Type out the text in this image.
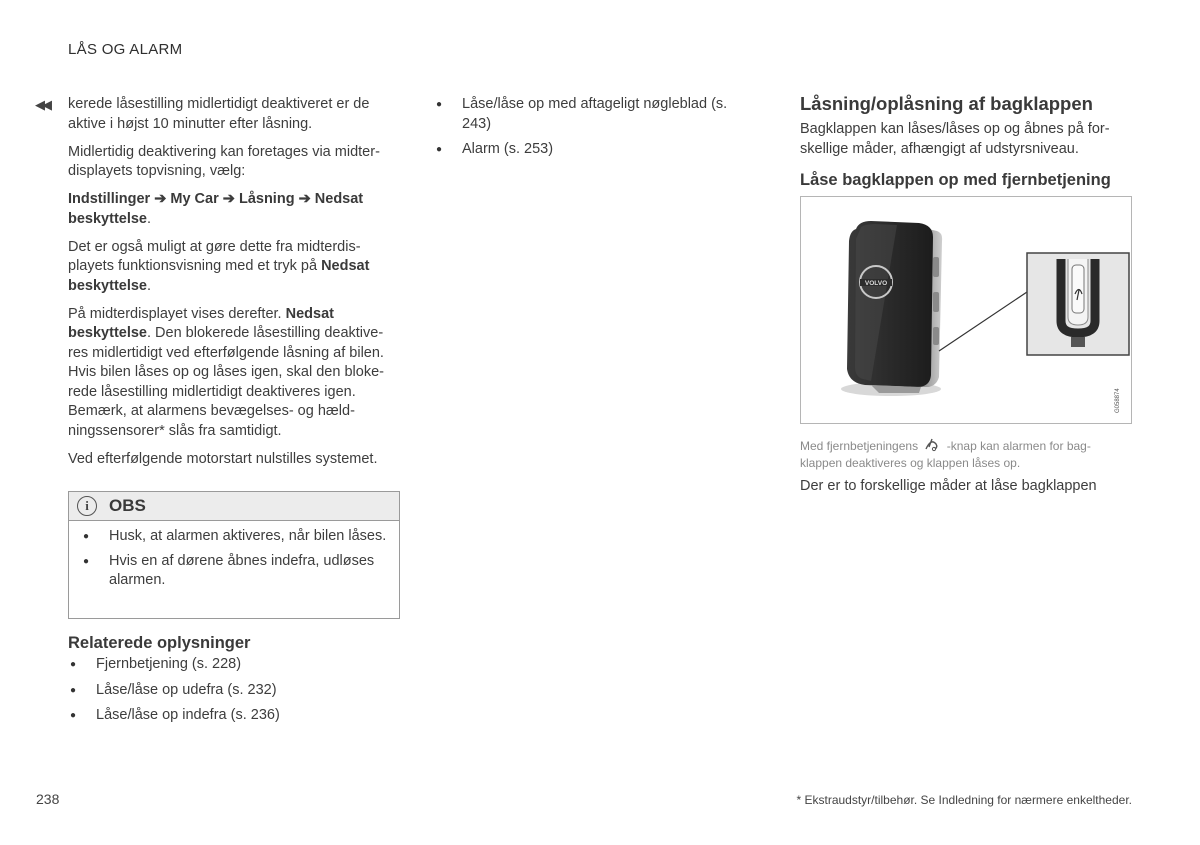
LÅS OG ALARM
◀◀ kerede låsestilling midlertidigt deaktiveret er de aktive i højst 10 minutter efter låsning.

Midlertidig deaktivering kan foretages via midter-displayets topvisning, vælg:

Indstillinger ➔ My Car ➔ Låsning ➔ Nedsat beskyttelse.

Det er også muligt at gøre dette fra midterdis-playets funktionsvisning med et tryk på Nedsat beskyttelse.

På midterdisplayet vises derefter. Nedsat beskyttelse. Den blokerede låsestilling deaktive-res midlertidigt ved efterfølgende låsning af bilen. Hvis bilen låses op og låses igen, skal den bloke-rede låsestilling midlertidigt deaktiveres igen. Bemærk, at alarmens bevægelses- og hæld-ningssensorer* slås fra samtidigt.

Ved efterfølgende motorstart nulstilles systemet.

i	OBS
● Husk, at alarmen aktiveres, når bilen låses.
● Hvis en af dørene åbnes indefra, udløses alarmen.
Relaterede oplysninger
● Fjernbetjening (s. 228)
● Låse/låse op udefra (s. 232)
● Låse/låse op indefra (s. 236)
● Låse/låse op med aftageligt nøgleblad (s. 243)
● Alarm (s. 253)
Låsning/oplåsning af bagklappen
Bagklappen kan låses/låses op og åbnes på for-skellige måder, afhængigt af udstyrsniveau.
Låse bagklappen op med fjernbetjening
VOLVO
G058874
Med fjernbetjeningens  -knap kan alarmen for bag-klappen deaktiveres og klappen låses op.
Der er to forskellige måder at låse bagklappen
238	* Ekstraudstyr/tilbehør. Se Indledning for nærmere enkeltheder.
